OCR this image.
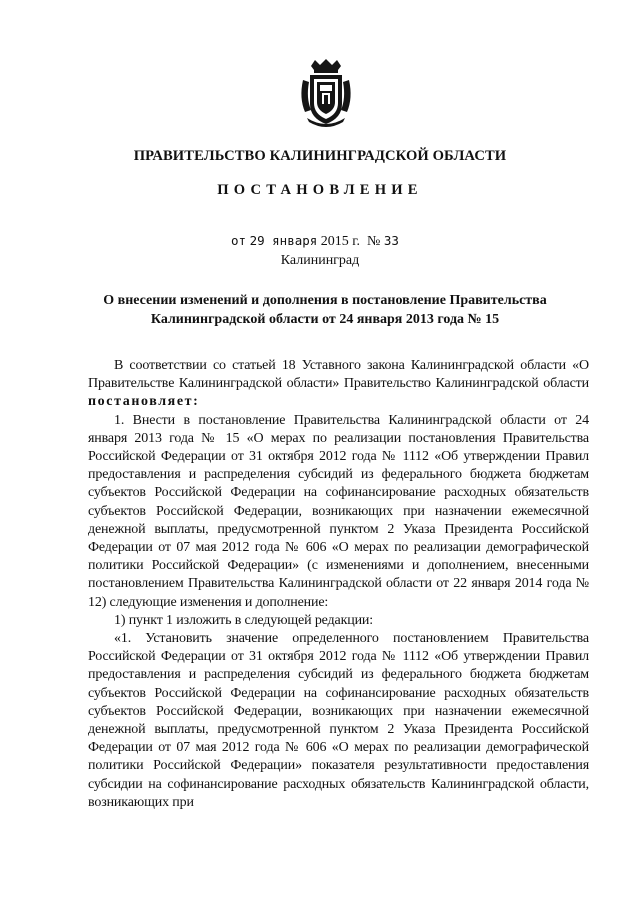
ПРАВИТЕЛЬСТВО КАЛИНИНГРАДСКОЙ ОБЛАСТИ
ПОСТАНОВЛЕНИЕ
от 29 января 2015 г. № 33
Калининград
О внесении изменений и дополнения в постановление Правительства Калининградской области от 24 января 2013 года № 15

В соответствии со статьей 18 Уставного закона Калининградской области «О Правительстве Калининградской области» Правительство Калининградской области постановляет:

1. Внести в постановление Правительства Калининградской области от 24 января 2013 года № 15 «О мерах по реализации постановления Правительства Российской Федерации от 31 октября 2012 года № 1112 «Об утверждении Правил предоставления и распределения субсидий из федерального бюджета бюджетам субъектов Российской Федерации на софинансирование расходных обязательств субъектов Российской Федерации, возникающих при назначении ежемесячной денежной выплаты, предусмотренной пунктом 2 Указа Президента Российской Федерации от 07 мая 2012 года № 606 «О мерах по реализации демографической политики Российской Федерации» (с изменениями и дополнением, внесенными постановлением Правительства Калининградской области от 22 января 2014 года № 12) следующие изменения и дополнение:

1) пункт 1 изложить в следующей редакции:

«1. Установить значение определенного постановлением Правительства Российской Федерации от 31 октября 2012 года № 1112 «Об утверждении Правил предоставления и распределения субсидий из федерального бюджета бюджетам субъектов Российской Федерации на софинансирование расходных обязательств субъектов Российской Федерации, возникающих при назначении ежемесячной денежной выплаты, предусмотренной пунктом 2 Указа Президента Российской Федерации от 07 мая 2012 года № 606 «О мерах по реализации демографической политики Российской Федерации» показателя результативности предоставления субсидии на софинансирование расходных обязательств Калининградской области, возникающих при
